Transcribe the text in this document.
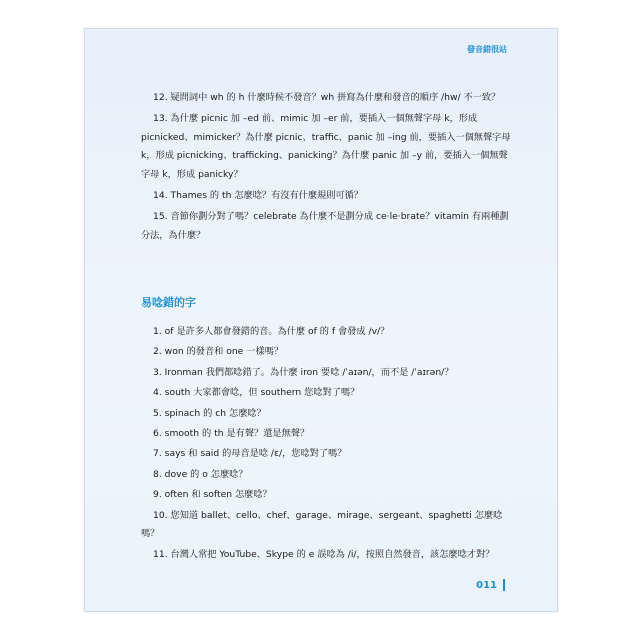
發音錯很站

12. 疑問詞中 wh 的 h 什麼時候不發音？wh 拼寫為什麼和發音的順序 /hw/ 不一致？

13. 為什麼 picnic 加 –ed 前、mimic 加 –er 前，要插入一個無聲字母 k，形成 picnicked、mimicker？為什麼 picnic、traffic、panic 加 –ing 前，要插入一個無聲字母 k，形成 picnicking、trafficking、panicking？為什麼 panic 加 –y 前，要插入一個無聲字母 k，形成 panicky？

14. Thames 的 th 怎麼唸？有沒有什麼規則可循？

15. 音節你劃分對了嗎？celebrate 為什麼不是劃分成 ce·le·brate？vitamin 有兩種劃分法，為什麼？

易唸錯的字

1. of 是許多人都會發錯的音。為什麼 of 的 f 會發成 /v/？

2. won 的發音和 one 一樣嗎？

3. Ironman 我們都唸錯了。為什麼 iron 要唸 /ˈaɪən/，而不是 /ˈaɪrən/？

4. south 大家都會唸，但 southern 您唸對了嗎？

5. spinach 的 ch 怎麼唸？

6. smooth 的 th 是有聲？還是無聲？

7. says 和 said 的母音是唸 /ɛ/，您唸對了嗎？

8. dove 的 o 怎麼唸？

9. often 和 soften 怎麼唸？

10. 您知道 ballet、cello、chef、garage、mirage、sergeant、spaghetti 怎麼唸嗎？

11. 台灣人常把 YouTube、Skype 的 e 誤唸為 /i/，按照自然發音，該怎麼唸才對？

011
